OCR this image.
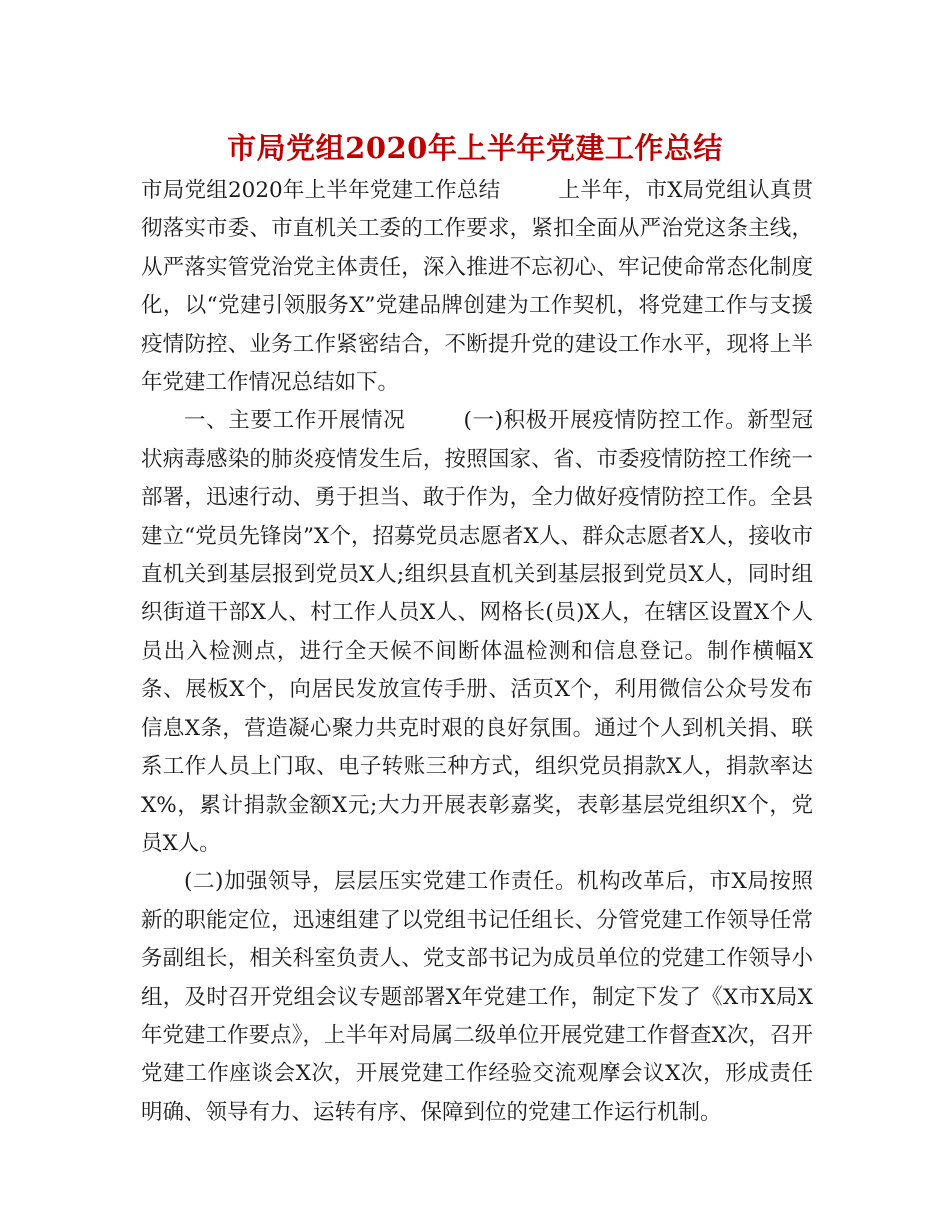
市局党组2020年上半年党建工作总结

市局党组2020年上半年党建工作总结	上半年，市X局党组认真贯彻落实市委、市直机关工委的工作要求，紧扣全面从严治党这条主线，从严落实管党治党主体责任，深入推进不忘初心、牢记使命常态化制度化，以“党建引领服务X”党建品牌创建为工作契机，将党建工作与支援疫情防控、业务工作紧密结合，不断提升党的建设工作水平，现将上半年党建工作情况总结如下。

一、主要工作开展情况	(一)积极开展疫情防控工作。新型冠状病毒感染的肺炎疫情发生后，按照国家、省、市委疫情防控工作统一部署，迅速行动、勇于担当、敢于作为，全力做好疫情防控工作。全县建立“党员先锋岗”X个，招募党员志愿者X人、群众志愿者X人，接收市直机关到基层报到党员X人;组织县直机关到基层报到党员X人，同时组织街道干部X人、村工作人员X人、网格长(员)X人，在辖区设置X个人员出入检测点，进行全天候不间断体温检测和信息登记。制作横幅X条、展板X个，向居民发放宣传手册、活页X个，利用微信公众号发布信息X条，营造凝心聚力共克时艰的良好氛围。通过个人到机关捐、联系工作人员上门取、电子转账三种方式，组织党员捐款X人，捐款率达X%，累计捐款金额X元;大力开展表彰嘉奖，表彰基层党组织X个，党员X人。

(二)加强领导，层层压实党建工作责任。机构改革后，市X局按照新的职能定位，迅速组建了以党组书记任组长、分管党建工作领导任常务副组长，相关科室负责人、党支部书记为成员单位的党建工作领导小组，及时召开党组会议专题部署X年党建工作，制定下发了《X市X局X年党建工作要点》，上半年对局属二级单位开展党建工作督查X次，召开党建工作座谈会X次，开展党建工作经验交流观摩会议X次，形成责任明确、领导有力、运转有序、保障到位的党建工作运行机制。
